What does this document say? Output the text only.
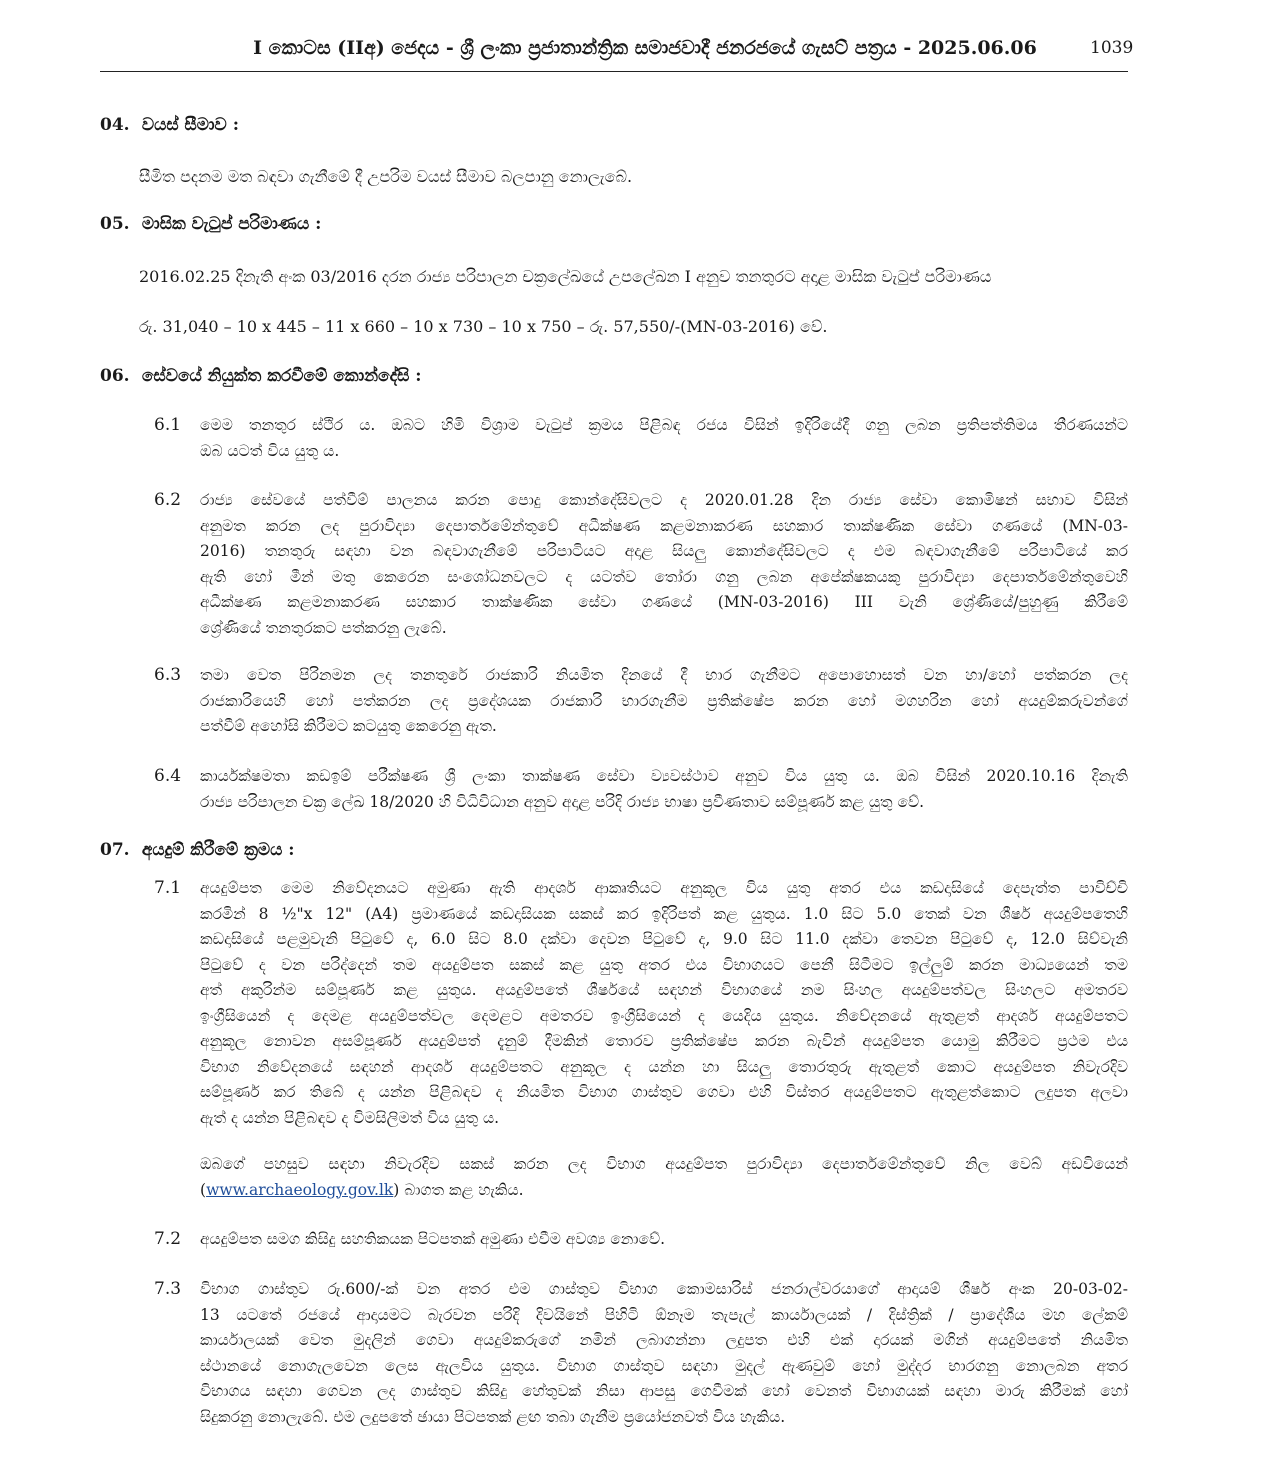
I කොටස (IIඅ) ජෙදය - ශ්‍රී ලංකා ප්‍රජාතාන්ත්‍රික සමාජවාදී ජනරජයේ ගැසට් පත්‍රය - 2025.06.06	1039
04. වයස් සීමාව :
සීමිත පදනම මත බඳවා ගැනීමේ දී උපරිම වයස් සීමාව බලපානු නොලැබේ.
05. මාසික වැටුප් පරිමාණය :
2016.02.25 දිනැති අංක 03/2016 දරන රාජ්‍ය පරිපාලන චක්‍රලේඛයේ උපලේඛන I අනුව තනතුරට අදාළ මාසික වැටුප් පරිමාණය
රු. 31,040 – 10 x 445 – 11 x 660 – 10 x 730 – 10 x 750 – රු. 57,550/-(MN-03-2016) වේ.
06. සේවයේ නියුක්ත කරවීමේ කොන්දේසි :
6.1 මෙම තනතුර ස්ථිර ය. ඔබට හිමි විශ්‍රාම වැටුප් ක්‍රමය පිළිබඳ රජය විසින් ඉදිරියේදී ගනු ලබන ප්‍රතිපත්තිමය තීරණයන්ට
ඔබ යටත් විය යුතු ය.
6.2 රාජ්‍ය සේවයේ පත්වීම් පාලනය කරන පොදු කොන්දේසිවලට ද 2020.01.28 දින රාජ්‍ය සේවා කොමිෂන් සභාව විසින්
අනුමත කරන ලද පුරාවිද්‍යා දෙපාර්තමේන්තුවේ අධීක්ෂණ කළමනාකරණ සහකාර තාක්ෂණික සේවා ගණයේ (MN-03-
2016) තනතුරු සඳහා වන බඳවාගැනීමේ පරිපාටියට අදාළ සියලු කොන්දේසිවලට ද එම බඳවාගැනීමේ පරිපාටියේ කර
ඇති හෝ මීන් මතු කෙරෙන සංශෝධනවලට ද යටත්ව තෝරා ගනු ලබන අපේක්ෂකයකු පුරාවිද්‍යා දෙපාර්තමේන්තුවෙහි
අධීක්ෂණ කළමනාකරණ සහකාර තාක්ෂණික සේවා ගණයේ (MN-03-2016) III වැනි ශ්‍රේණියේ/පුහුණු කිරීමේ
ශ්‍රේණියේ තනතුරකට පත්කරනු ලැබේ.
6.3 තමා වෙත පිරිනමන ලද තනතුරේ රාජකාරි නියමිත දිනයේ දී භාර ගැනීමට අපොහොසත් වන හා/හෝ පත්කරන ලද
රාජකාරියෙහි හෝ පත්කරන ලද ප්‍රදේශයක රාජකාරි භාරගැනීම ප්‍රතික්ෂේප කරන හෝ මගහරින හෝ අයදුම්කරුවන්ගේ
පත්වීම් අහෝසි කිරීමට කටයුතු කෙරෙනු ඇත.
6.4 කාර්යක්ෂමතා කඩඉම් පරීක්ෂණ ශ්‍රී ලංකා තාක්ෂණ සේවා ව්‍යවස්ථාව අනුව විය යුතු ය. ඔබ විසින් 2020.10.16 දිනැති
රාජ්‍ය පරිපාලන චක්‍ර ලේඛ 18/2020 හි විධිවිධාන අනුව අදාළ පරිදි රාජ්‍ය භාෂා ප්‍රවීණතාව සම්පූර්ණ කළ යුතු වේ.
07. අයදුම් කිරීමේ ක්‍රමය :
7.1 අයදුම්පත මෙම නිවේදනයට අමුණා ඇති ආදර්ශ ආකෘතියට අනුකූල විය යුතු අතර එය කඩදාසියේ දෙපැත්ත පාවිච්චි
කරමින් 8 ½"x 12" (A4) ප්‍රමාණයේ කඩදාසියක සකස් කර ඉදිරිපත් කළ යුතුය. 1.0 සිට 5.0 තෙක් වන ශීර්ෂ අයදුම්පතෙහි
කඩදාසියේ පළමුවැනි පිටුවේ ද, 6.0 සිට 8.0 දක්වා දෙවන පිටුවේ ද, 9.0 සිට 11.0 දක්වා තෙවන පිටුවේ ද, 12.0 සිව්වැනි
පිටුවේ ද වන පරිද්දෙන් තම අයදුම්පත සකස් කළ යුතු අතර එය විභාගයට පෙනී සිටීමට ඉල්ලුම් කරන මාධ්‍යයෙන් තම
අත් අකුරින්ම සම්පූර්ණ කළ යුතුය. අයදුම්පතේ ශීර්ෂයේ සඳහන් විභාගයේ නම සිංහල අයදුම්පත්වල සිංහලට අමතරව
ඉංග්‍රීසියෙන් ද දෙමළ අයදුම්පත්වල දෙමළට අමතරව ඉංග්‍රීසියෙන් ද යෙදිය යුතුය. නිවේදනයේ ඇතුළත් ආදර්ශ අයදුම්පතට
අනුකූල නොවන අසම්පූර්ණ අයදුම්පත් දැනුම් දීමකින් තොරව ප්‍රතික්ෂේප කරන බැවින් අයදුම්පත යොමු කිරීමට ප්‍රථම එය
විභාග නිවේදනයේ සඳහන් ආදර්ශ අයදුම්පතට අනුකූල ද යන්න හා සියලු තොරතුරු ඇතුළත් කොට අයදුම්පත නිවැරදිව
සම්පූර්ණ කර තිබේ ද යන්න පිළිබඳව ද නියමිත විභාග ගාස්තුව ගෙවා එහි විස්තර අයදුම්පතට ඇතුළත්කොට ලදුපත අලවා
ඇත් ද යන්න පිළිබඳව ද විමසිලිමත් විය යුතු ය.
ඔබගේ පහසුව සඳහා නිවැරදිව සකස් කරන ලද විභාග අයදුම්පත පුරාවිද්‍යා දෙපාර්තමේන්තුවේ නිල වෙබ් අඩවියෙන්
(www.archaeology.gov.lk) බාගත කළ හැකිය.
7.2 අයදුම්පත සමග කිසිදු සහතිකයක පිටපතක් අමුණා එවීම අවශ්‍ය නොවේ.
7.3 විභාග ගාස්තුව රු.600/-ක් වන අතර එම ගාස්තුව විභාග කොමසාරිස් ජනරාල්වරයාගේ ආදායම් ශීර්ෂ අංක 20-03-02-
13 යටතේ රජයේ ආදායමට බැරවන පරිදි දිවයිනේ පිහිටි ඕනෑම තැපැල් කාර්යාලයක් / දිස්ත්‍රික් / ප්‍රාදේශීය මහ ලේකම්
කාර්යාලයක් වෙත මුදලින් ගෙවා අයදුම්කරුගේ නමින් ලබාගන්නා ලදුපත එහි එක් දාරයක් මගින් අයදුම්පතේ නියමිත
ස්ථානයේ නොගැලවෙන ලෙස ඇලවිය යුතුය. විභාග ගාස්තුව සඳහා මුදල් ඇණවුම් හෝ මුද්දර භාරගනු නොලබන අතර
විභාගය සඳහා ගෙවන ලද ගාස්තුව කිසිදු හේතුවක් නිසා ආපසු ගෙවීමක් හෝ වෙනත් විභාගයක් සඳහා මාරු කිරීමක් හෝ
සිදුකරනු නොලැබේ. එම ලදුපතේ ඡායා පිටපතක් ළඟ තබා ගැනීම ප්‍රයෝජනවත් විය හැකිය.
